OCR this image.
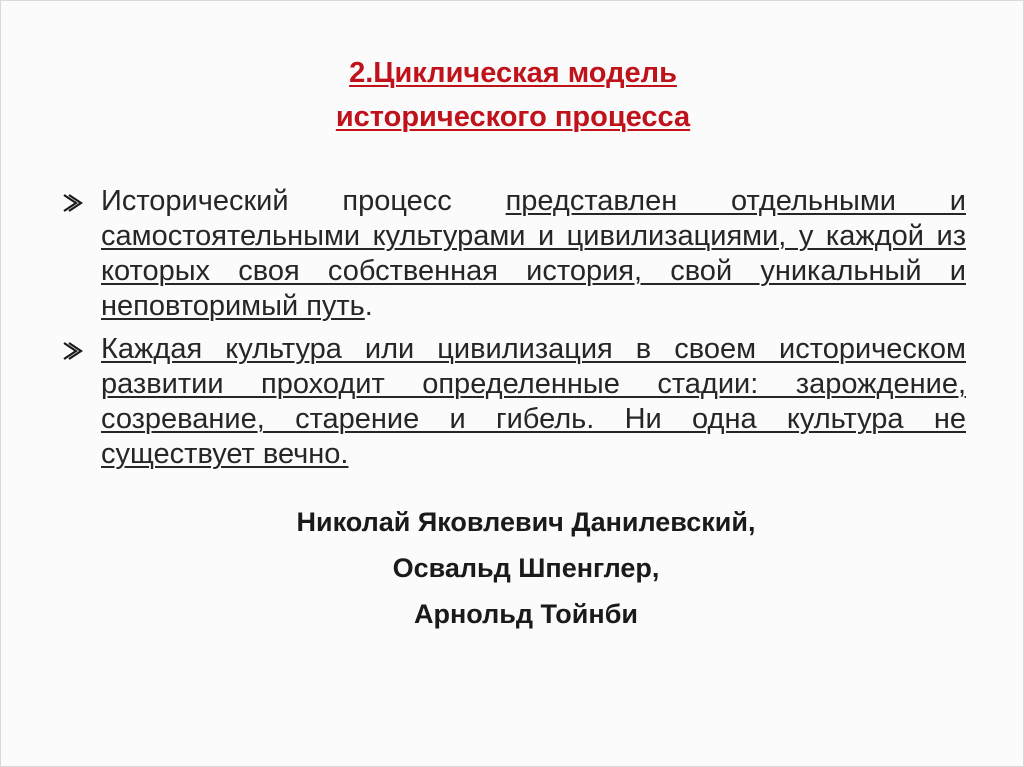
2.Циклическая модель
исторического процесса
Исторический процесс представлен отдельными и самостоятельными культурами и цивилизациями, у каждой из которых своя собственная история, свой уникальный и неповторимый путь.
Каждая культура или цивилизация в своем историческом развитии проходит определенные стадии: зарождение, созревание, старение и гибель. Ни одна культура не существует вечно.
Николай Яковлевич Данилевский,
Освальд Шпенглер,
Арнольд Тойнби
